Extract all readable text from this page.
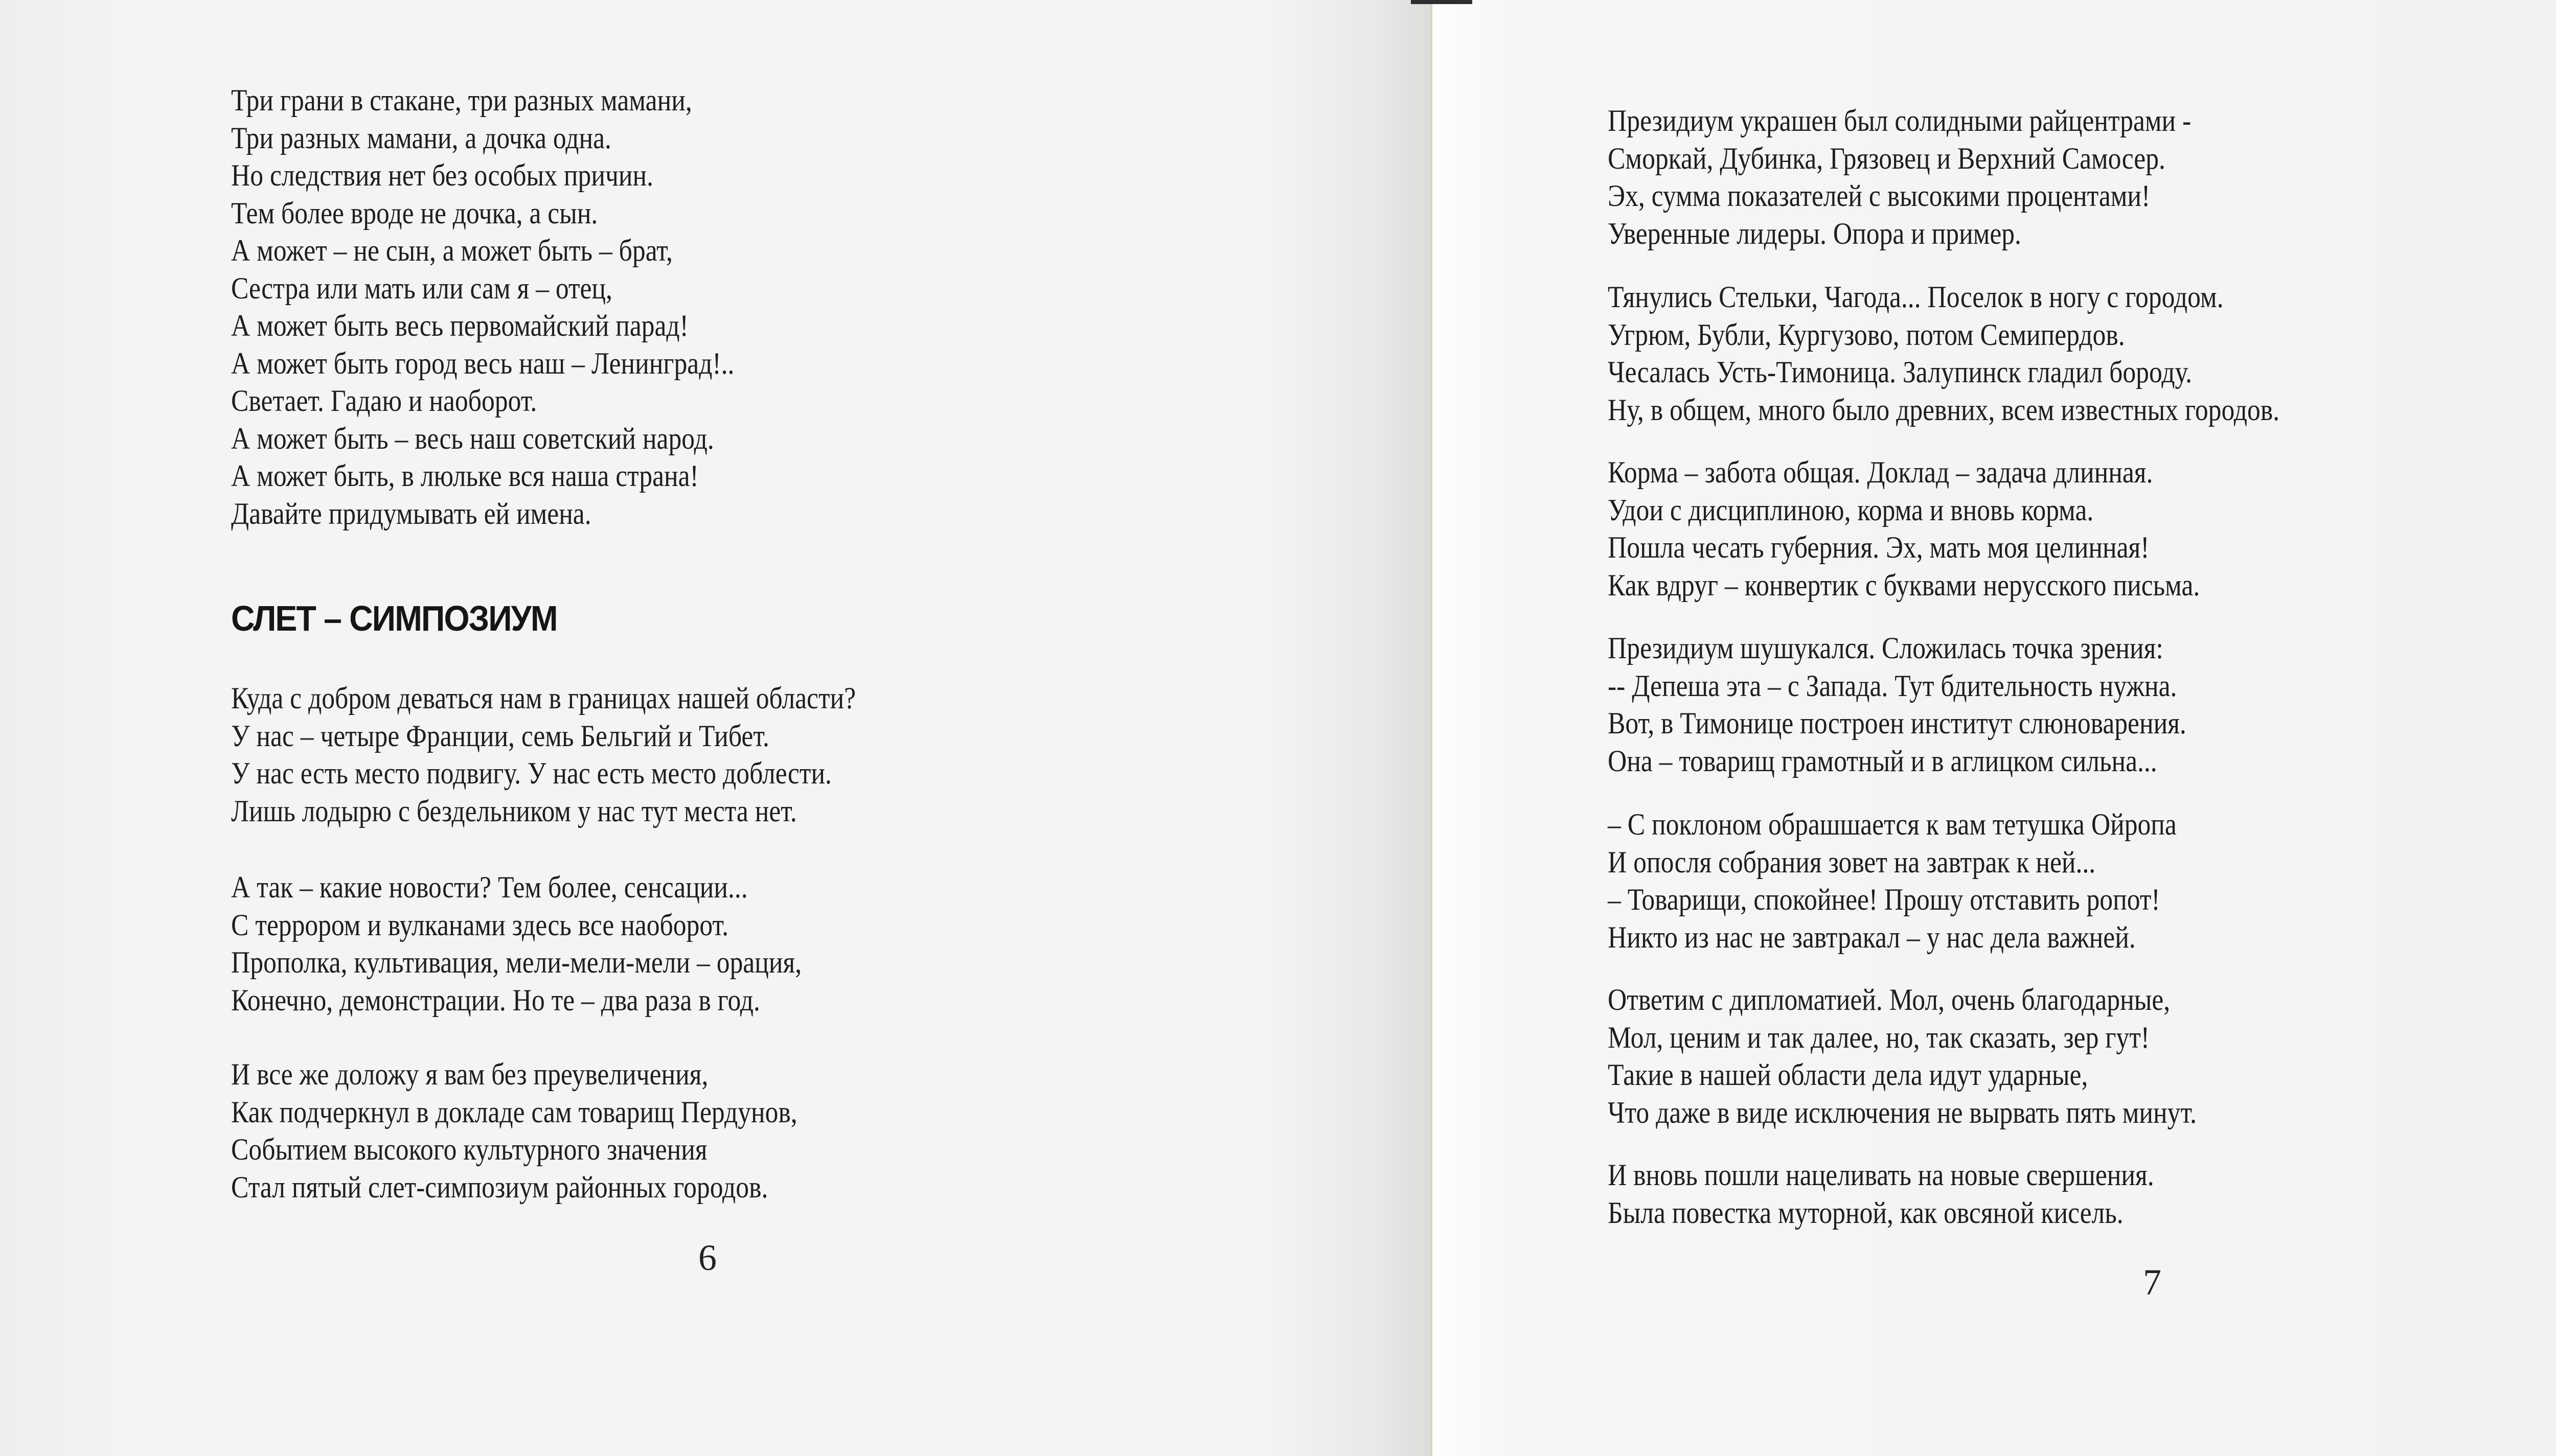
Три грани в стакане, три разных мамани,
Три разных мамани, а дочка одна.
Но следствия нет без особых причин.
Тем более вроде не дочка, а сын.
А может – не сын, а может быть – брат,
Сестра или мать или сам я – отец,
А может быть весь первомайский парад!
А может быть город весь наш – Ленинград!..
Светает. Гадаю и наоборот.
А может быть – весь наш советский народ.
А может быть, в люльке вся наша страна!
Давайте придумывать ей имена.
СЛЕТ – СИМПОЗИУМ
Куда с добром деваться нам в границах нашей области?
У нас – четыре Франции, семь Бельгий и Тибет.
У нас есть место подвигу. У нас есть место доблести.
Лишь лодырю с бездельником у нас тут места нет.
А так – какие новости? Тем более, сенсации...
С террором и вулканами здесь все наоборот.
Прополка, культивация, мели-мели-мели – орация,
Конечно, демонстрации. Но те – два раза в год.
И все же доложу я вам без преувеличения,
Как подчеркнул в докладе сам товарищ Пердунов,
Событием высокого культурного значения
Стал пятый слет-симпозиум районных городов.
6
Президиум украшен был солидными райцентрами -
Сморкай, Дубинка, Грязовец и Верхний Самосер.
Эх, сумма показателей с высокими процентами!
Уверенные лидеры. Опора и пример.
Тянулись Стельки, Чагода... Поселок в ногу с городом.
Угрюм, Бубли, Кургузово, потом Семипердов.
Чесалась Усть-Тимоница. Залупинск гладил бороду.
Ну, в общем, много было древних, всем известных городов.
Корма – забота общая. Доклад – задача длинная.
Удои с дисциплиною, корма и вновь корма.
Пошла чесать губерния. Эх, мать моя целинная!
Как вдруг – конвертик с буквами нерусского письма.
Президиум шушукался. Сложилась точка зрения:
-- Депеша эта – с Запада. Тут бдительность нужна.
Вот, в Тимонице построен институт слюноварения.
Она – товарищ грамотный и в аглицком сильна...
– С поклоном обрашшается к вам тетушка Ойропа
И опосля собрания зовет на завтрак к ней...
– Товарищи, спокойнее! Прошу отставить ропот!
Никто из нас не завтракал – у нас дела важней.
Ответим с дипломатией. Мол, очень благодарные,
Мол, ценим и так далее, но, так сказать, зер гут!
Такие в нашей области дела идут ударные,
Что даже в виде исключения не вырвать пять минут.
И вновь пошли нацеливать на новые свершения.
Была повестка муторной, как овсяной кисель.
7
